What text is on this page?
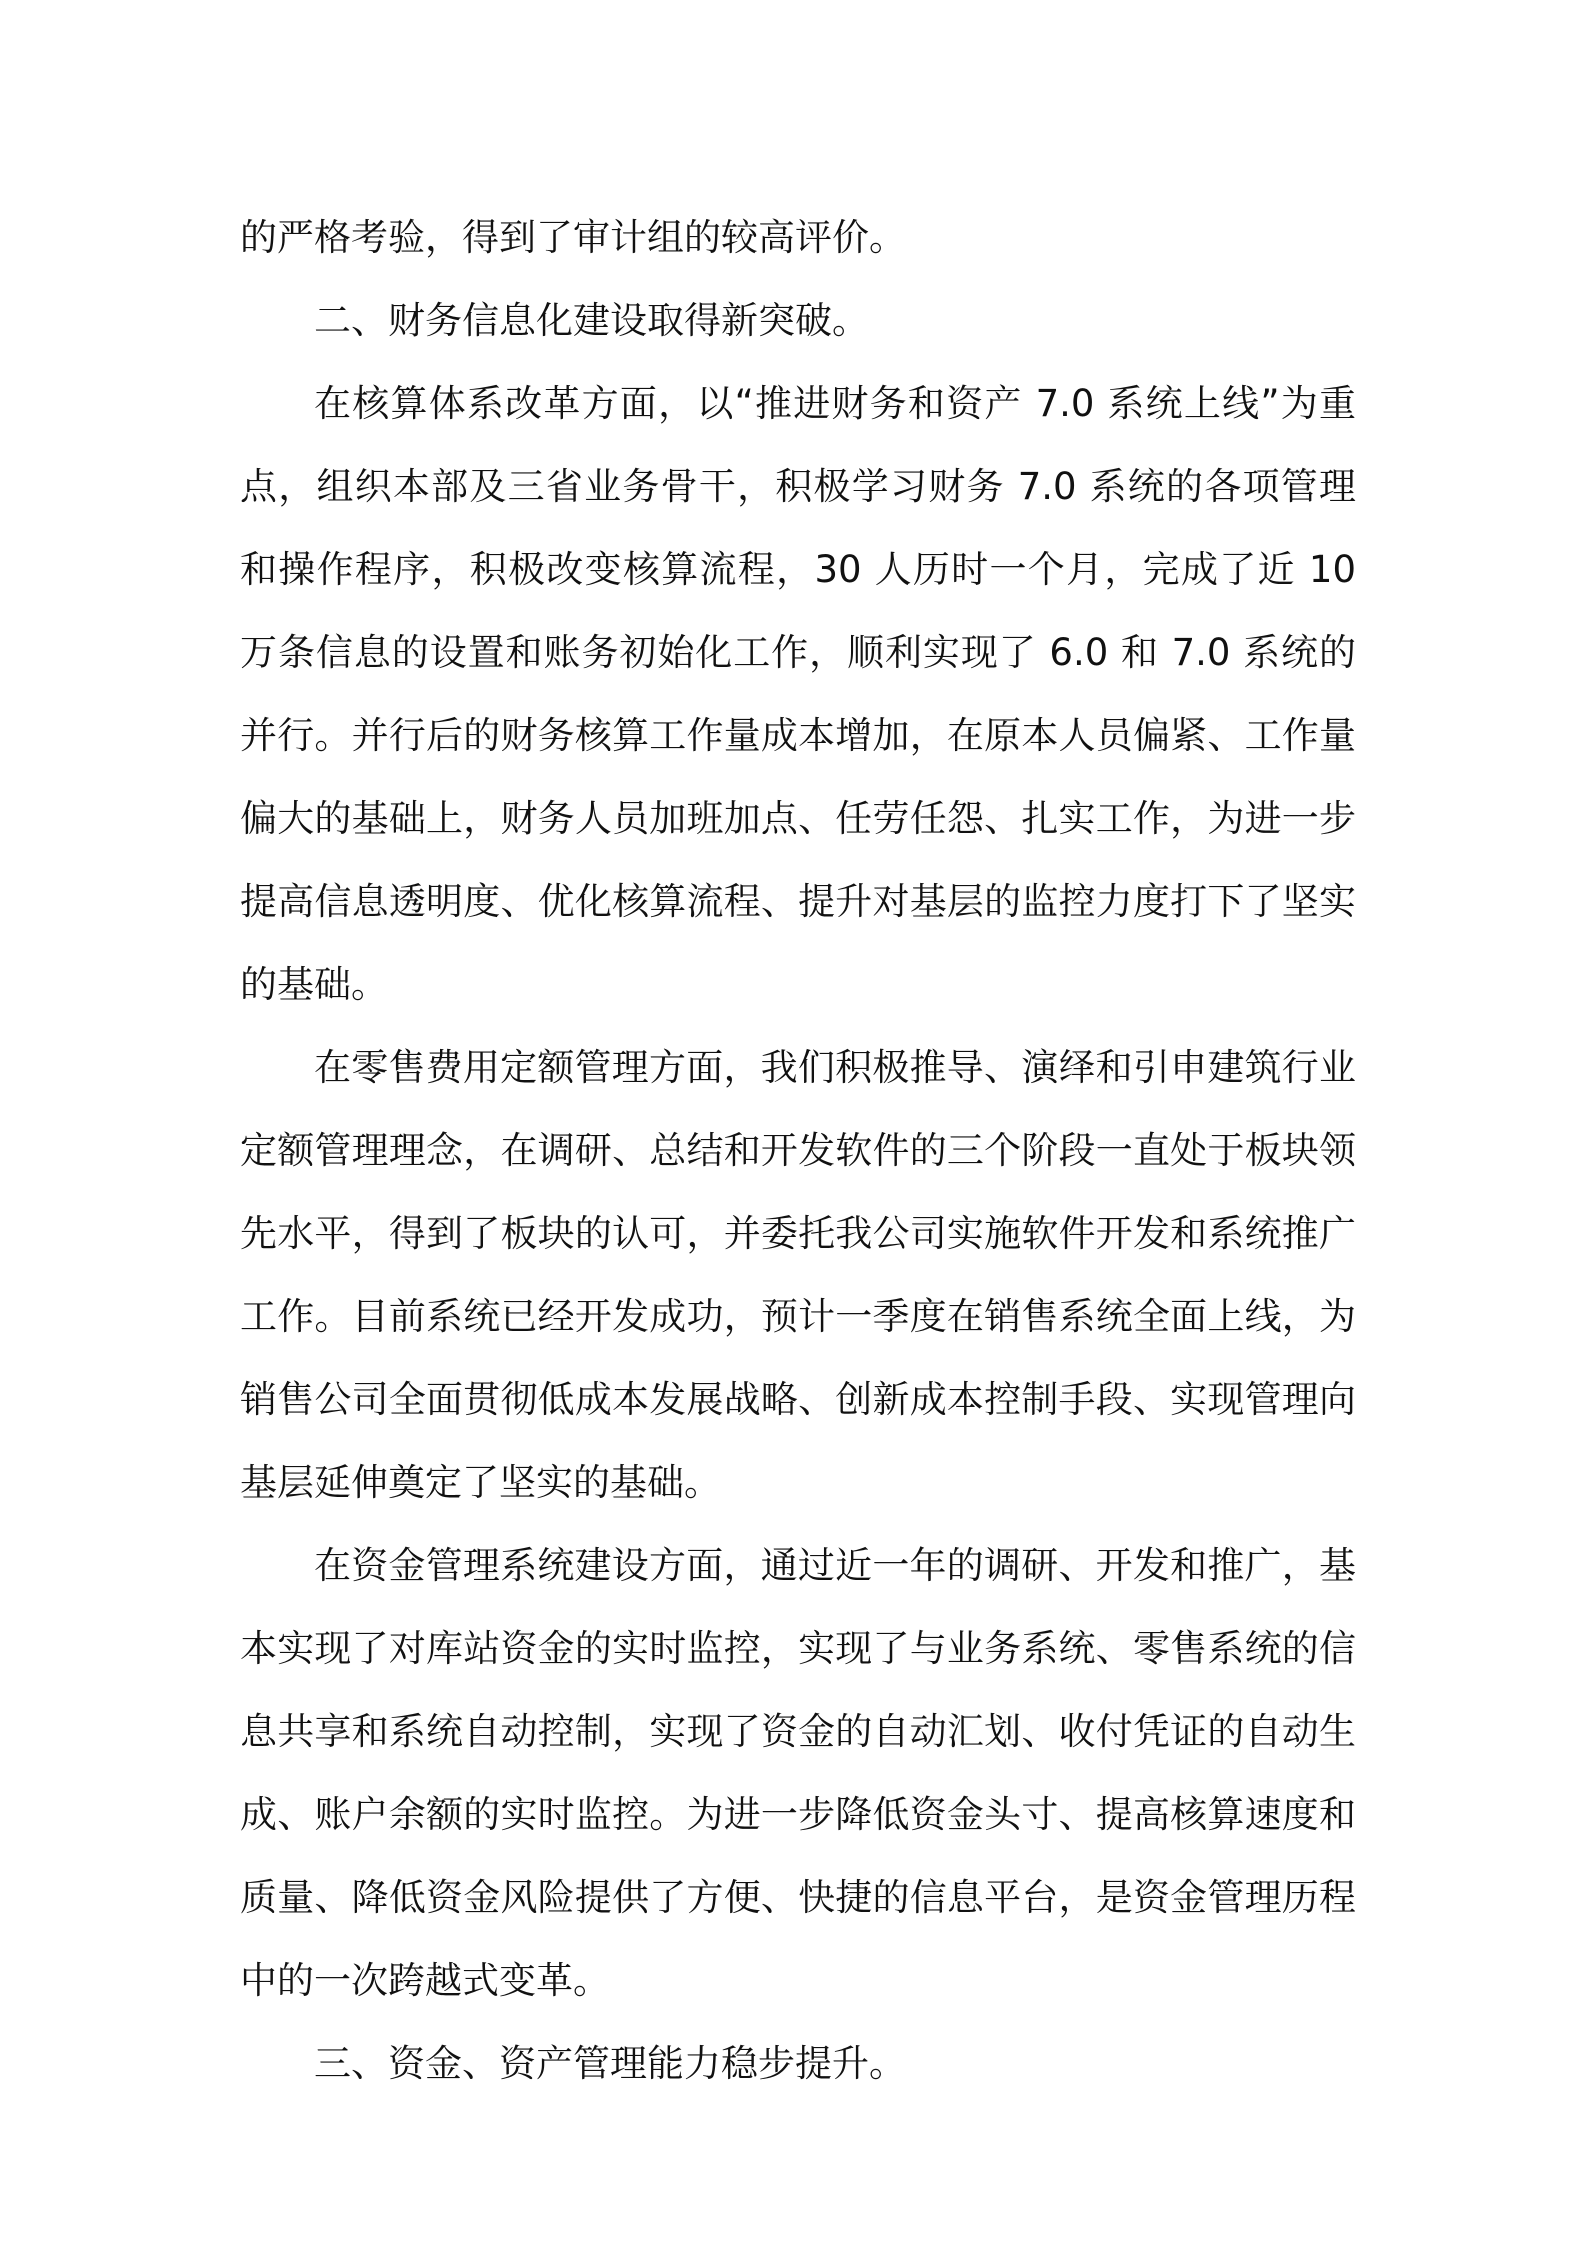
的严格考验，得到了审计组的较高评价。

二、财务信息化建设取得新突破。

在核算体系改革方面，以“推进财务和资产 7.0 系统上线”为重点，组织本部及三省业务骨干，积极学习财务 7.0 系统的各项管理和操作程序，积极改变核算流程，30 人历时一个月，完成了近 10 万条信息的设置和账务初始化工作，顺利实现了 6.0 和 7.0 系统的并行。并行后的财务核算工作量成本增加，在原本人员偏紧、工作量偏大的基础上，财务人员加班加点、任劳任怨、扎实工作，为进一步提高信息透明度、优化核算流程、提升对基层的监控力度打下了坚实的基础。

在零售费用定额管理方面，我们积极推导、演绎和引申建筑行业定额管理理念，在调研、总结和开发软件的三个阶段一直处于板块领先水平，得到了板块的认可，并委托我公司实施软件开发和系统推广工作。目前系统已经开发成功，预计一季度在销售系统全面上线，为销售公司全面贯彻低成本发展战略、创新成本控制手段、实现管理向基层延伸奠定了坚实的基础。

在资金管理系统建设方面，通过近一年的调研、开发和推广，基本实现了对库站资金的实时监控，实现了与业务系统、零售系统的信息共享和系统自动控制，实现了资金的自动汇划、收付凭证的自动生成、账户余额的实时监控。为进一步降低资金头寸、提高核算速度和质量、降低资金风险提供了方便、快捷的信息平台，是资金管理历程中的一次跨越式变革。

三、资金、资产管理能力稳步提升。
